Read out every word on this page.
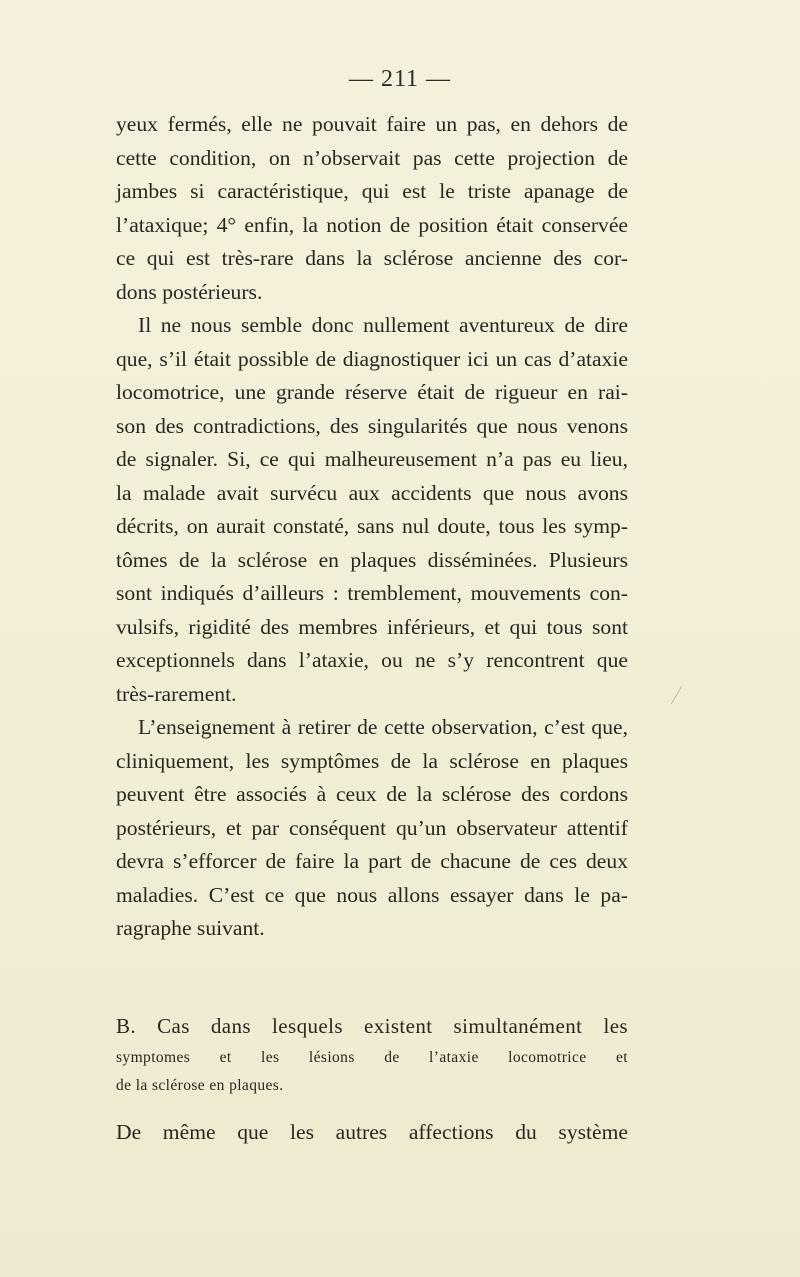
— 211 —
yeux fermés, elle ne pouvait faire un pas, en dehors de
cette condition, on n’observait pas cette projection de
jambes si caractéristique, qui est le triste apanage de
l’ataxique; 4° enfin, la notion de position était conservée
ce qui est très-rare dans la sclérose ancienne des cor-
dons postérieurs.
Il ne nous semble donc nullement aventureux de dire
que, s’il était possible de diagnostiquer ici un cas d’ataxie
locomotrice, une grande réserve était de rigueur en rai-
son des contradictions, des singularités que nous venons
de signaler. Si, ce qui malheureusement n’a pas eu lieu,
la malade avait survécu aux accidents que nous avons
décrits, on aurait constaté, sans nul doute, tous les symp-
tômes de la sclérose en plaques disséminées. Plusieurs
sont indiqués d’ailleurs : tremblement, mouvements con-
vulsifs, rigidité des membres inférieurs, et qui tous sont
exceptionnels dans l’ataxie, ou ne s’y rencontrent que
très-rarement.
L’enseignement à retirer de cette observation, c’est que,
cliniquement, les symptômes de la sclérose en plaques
peuvent être associés à ceux de la sclérose des cordons
postérieurs, et par conséquent qu’un observateur attentif
devra s’efforcer de faire la part de chacune de ces deux
maladies. C’est ce que nous allons essayer dans le pa-
ragraphe suivant.
B. Cas dans lesquels existent simultanément les
symptomes et les lésions de l’ataxie locomotrice et
de la sclérose en plaques.
De même que les autres affections du système
